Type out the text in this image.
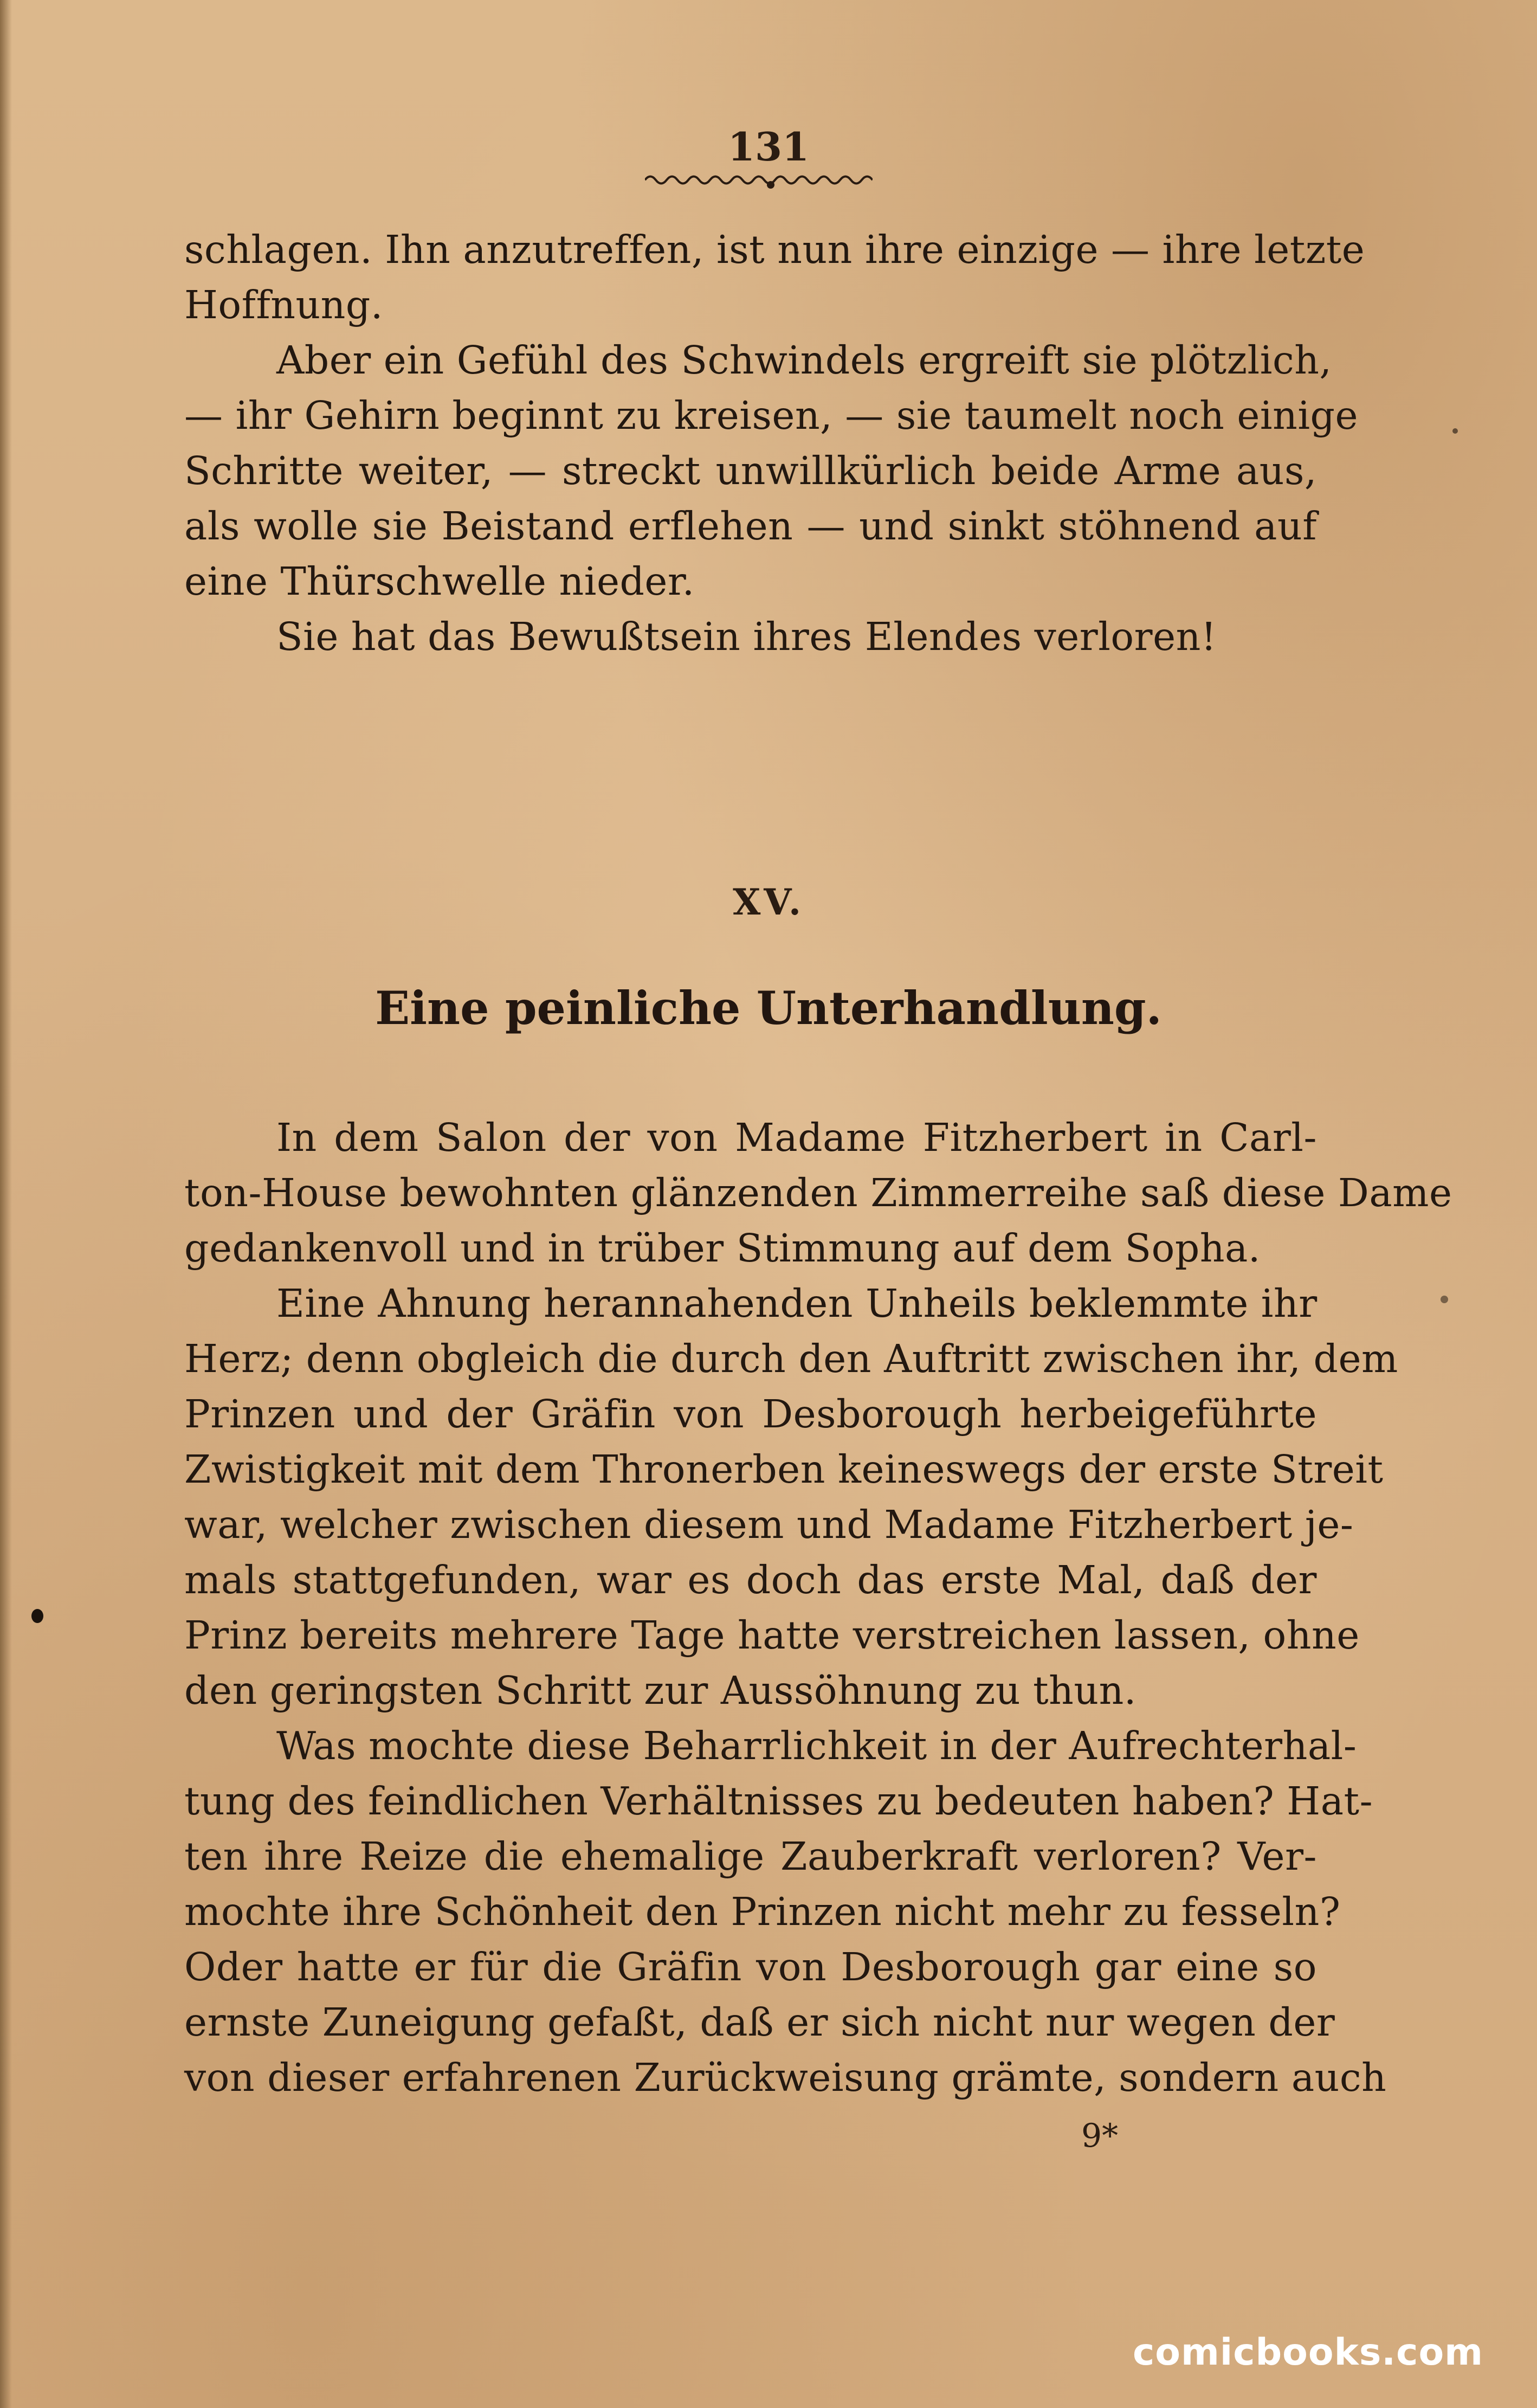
131
schlagen. Ihn anzutreffen, ist nun ihre einzige — ihre letzte
Hoffnung.
Aber ein Gefühl des Schwindels ergreift sie plötzlich,
— ihr Gehirn beginnt zu kreisen, — sie taumelt noch einige
Schritte weiter, — streckt unwillkürlich beide Arme aus,
als wolle sie Beistand erflehen — und sinkt stöhnend auf
eine Thürschwelle nieder.
Sie hat das Bewußtsein ihres Elendes verloren!
XV.
Eine peinliche Unterhandlung.
In dem Salon der von Madame Fitzherbert in Carl-
ton-House bewohnten glänzenden Zimmerreihe saß diese Dame
gedankenvoll und in trüber Stimmung auf dem Sopha.
Eine Ahnung herannahenden Unheils beklemmte ihr
Herz; denn obgleich die durch den Auftritt zwischen ihr, dem
Prinzen und der Gräfin von Desborough herbeigeführte
Zwistigkeit mit dem Thronerben keineswegs der erste Streit
war, welcher zwischen diesem und Madame Fitzherbert je-
mals stattgefunden, war es doch das erste Mal, daß der
Prinz bereits mehrere Tage hatte verstreichen lassen, ohne
den geringsten Schritt zur Aussöhnung zu thun.
Was mochte diese Beharrlichkeit in der Aufrechterhal-
tung des feindlichen Verhältnisses zu bedeuten haben? Hat-
ten ihre Reize die ehemalige Zauberkraft verloren? Ver-
mochte ihre Schönheit den Prinzen nicht mehr zu fesseln?
Oder hatte er für die Gräfin von Desborough gar eine so
ernste Zuneigung gefaßt, daß er sich nicht nur wegen der
von dieser erfahrenen Zurückweisung grämte, sondern auch
9*
comicbooks.com
